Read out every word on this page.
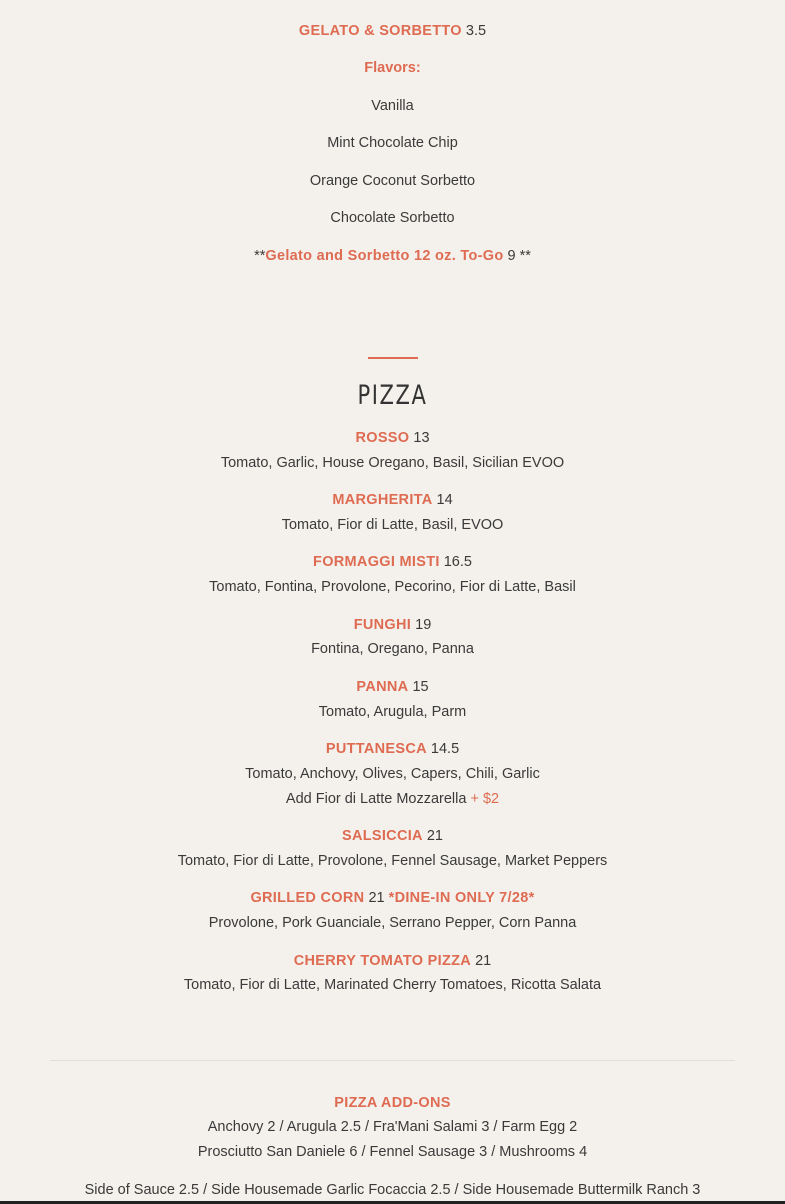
GELATO & SORBETTO 3.5
Flavors:
Vanilla
Mint Chocolate Chip
Orange Coconut Sorbetto
Chocolate Sorbetto
**Gelato and Sorbetto 12 oz. To-Go 9 **
PIZZA
ROSSO 13
Tomato, Garlic, House Oregano, Basil, Sicilian EVOO
MARGHERITA 14
Tomato, Fior di Latte, Basil, EVOO
FORMAGGI MISTI 16.5
Tomato, Fontina, Provolone, Pecorino, Fior di Latte, Basil
FUNGHI 19
Fontina, Oregano, Panna
PANNA 15
Tomato, Arugula, Parm
PUTTANESCA 14.5
Tomato, Anchovy, Olives, Capers, Chili, Garlic
Add Fior di Latte Mozzarella + $2
SALSICCIA 21
Tomato, Fior di Latte, Provolone, Fennel Sausage, Market Peppers
GRILLED CORN 21 *DINE-IN ONLY 7/28*
Provolone, Pork Guanciale, Serrano Pepper, Corn Panna
CHERRY TOMATO PIZZA 21
Tomato, Fior di Latte, Marinated Cherry Tomatoes, Ricotta Salata
PIZZA ADD-ONS
Anchovy 2 / Arugula 2.5 / Fra'Mani Salami 3 / Farm Egg 2
Prosciutto San Daniele 6 / Fennel Sausage 3 / Mushrooms 4
Side of Sauce 2.5 / Side Housemade Garlic Focaccia 2.5 / Side Housemade Buttermilk Ranch 3
